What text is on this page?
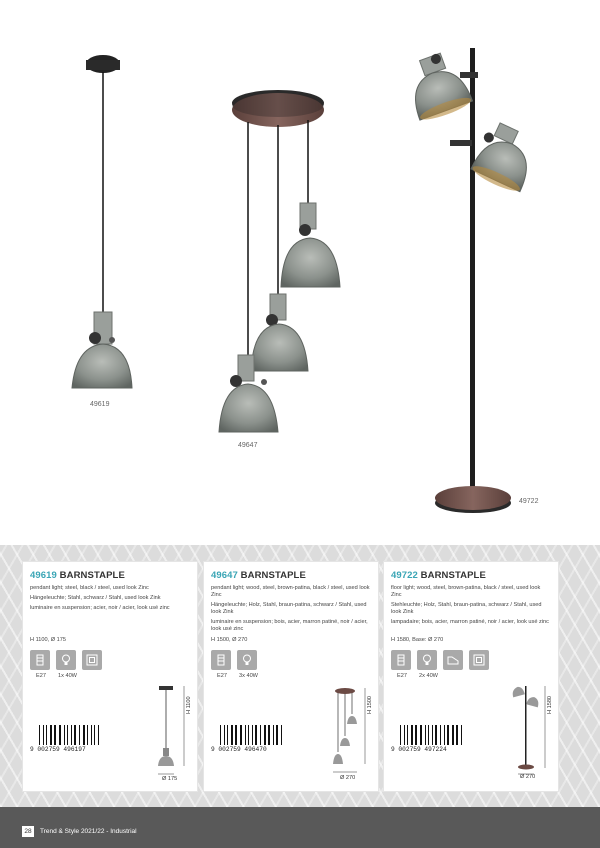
49619
49647
49722
49619 BARNSTAPLE

pendant light; steel, black / steel, used look Zinc

Hängeleuchte; Stahl, schwarz / Stahl, used look Zink

luminaire en suspension; acier, noir / acier, look usé zinc

H 1100, Ø 175
E27 1x 40W
9 002759 496197
H 1100
Ø 175
49647 BARNSTAPLE

pendant light; wood, steel, brown-patina, black / steel, used look Zinc

Hängeleuchte; Holz, Stahl, braun-patina, schwarz / Stahl, used look Zink

luminaire en suspension; bois, acier, marron patiné, noir / acier, look usé zinc

H 1500, Ø 270
E27 3x 40W
9 002759 496470
H 1500
Ø 270
49722 BARNSTAPLE

floor light; wood, steel, brown-patina, black / steel, used look Zinc

Stehleuchte; Holz, Stahl, braun-patina, schwarz / Stahl, used look Zink

lampadaire; bois, acier, marron patiné, noir / acier, look usé zinc

H 1580, Base: Ø 270
E27 2x 40W
9 002759 497224
H 1580
Ø 270
28	Trend & Style 2021/22 - Industrial
